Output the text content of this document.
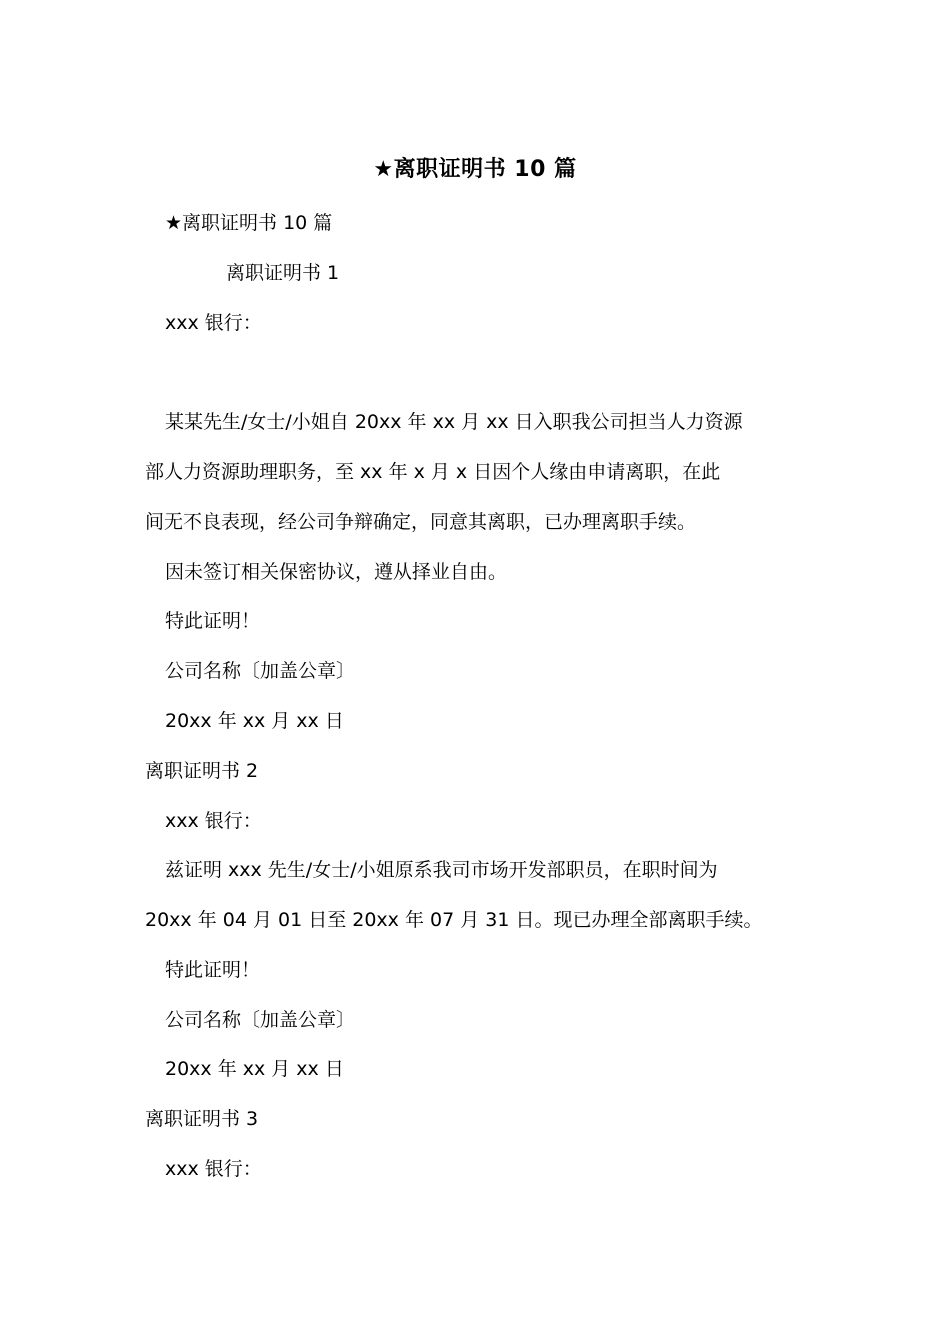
★离职证明书 10 篇
★离职证明书 10 篇
离职证明书 1
xxx 银行：
某某先生/女士/小姐自 20xx 年 xx 月 xx 日入职我公司担当人力资源
部人力资源助理职务，至 xx 年 x 月 x 日因个人缘由申请离职，在此
间无不良表现，经公司争辩确定，同意其离职，已办理离职手续。
因未签订相关保密协议，遵从择业自由。
特此证明！
公司名称〔加盖公章〕
20xx 年 xx 月 xx 日
离职证明书 2
xxx 银行：
兹证明 xxx 先生/女士/小姐原系我司市场开发部职员，在职时间为
20xx 年 04 月 01 日至 20xx 年 07 月 31 日。现已办理全部离职手续。
特此证明！
公司名称〔加盖公章〕
20xx 年 xx 月 xx 日
离职证明书 3
xxx 银行：
